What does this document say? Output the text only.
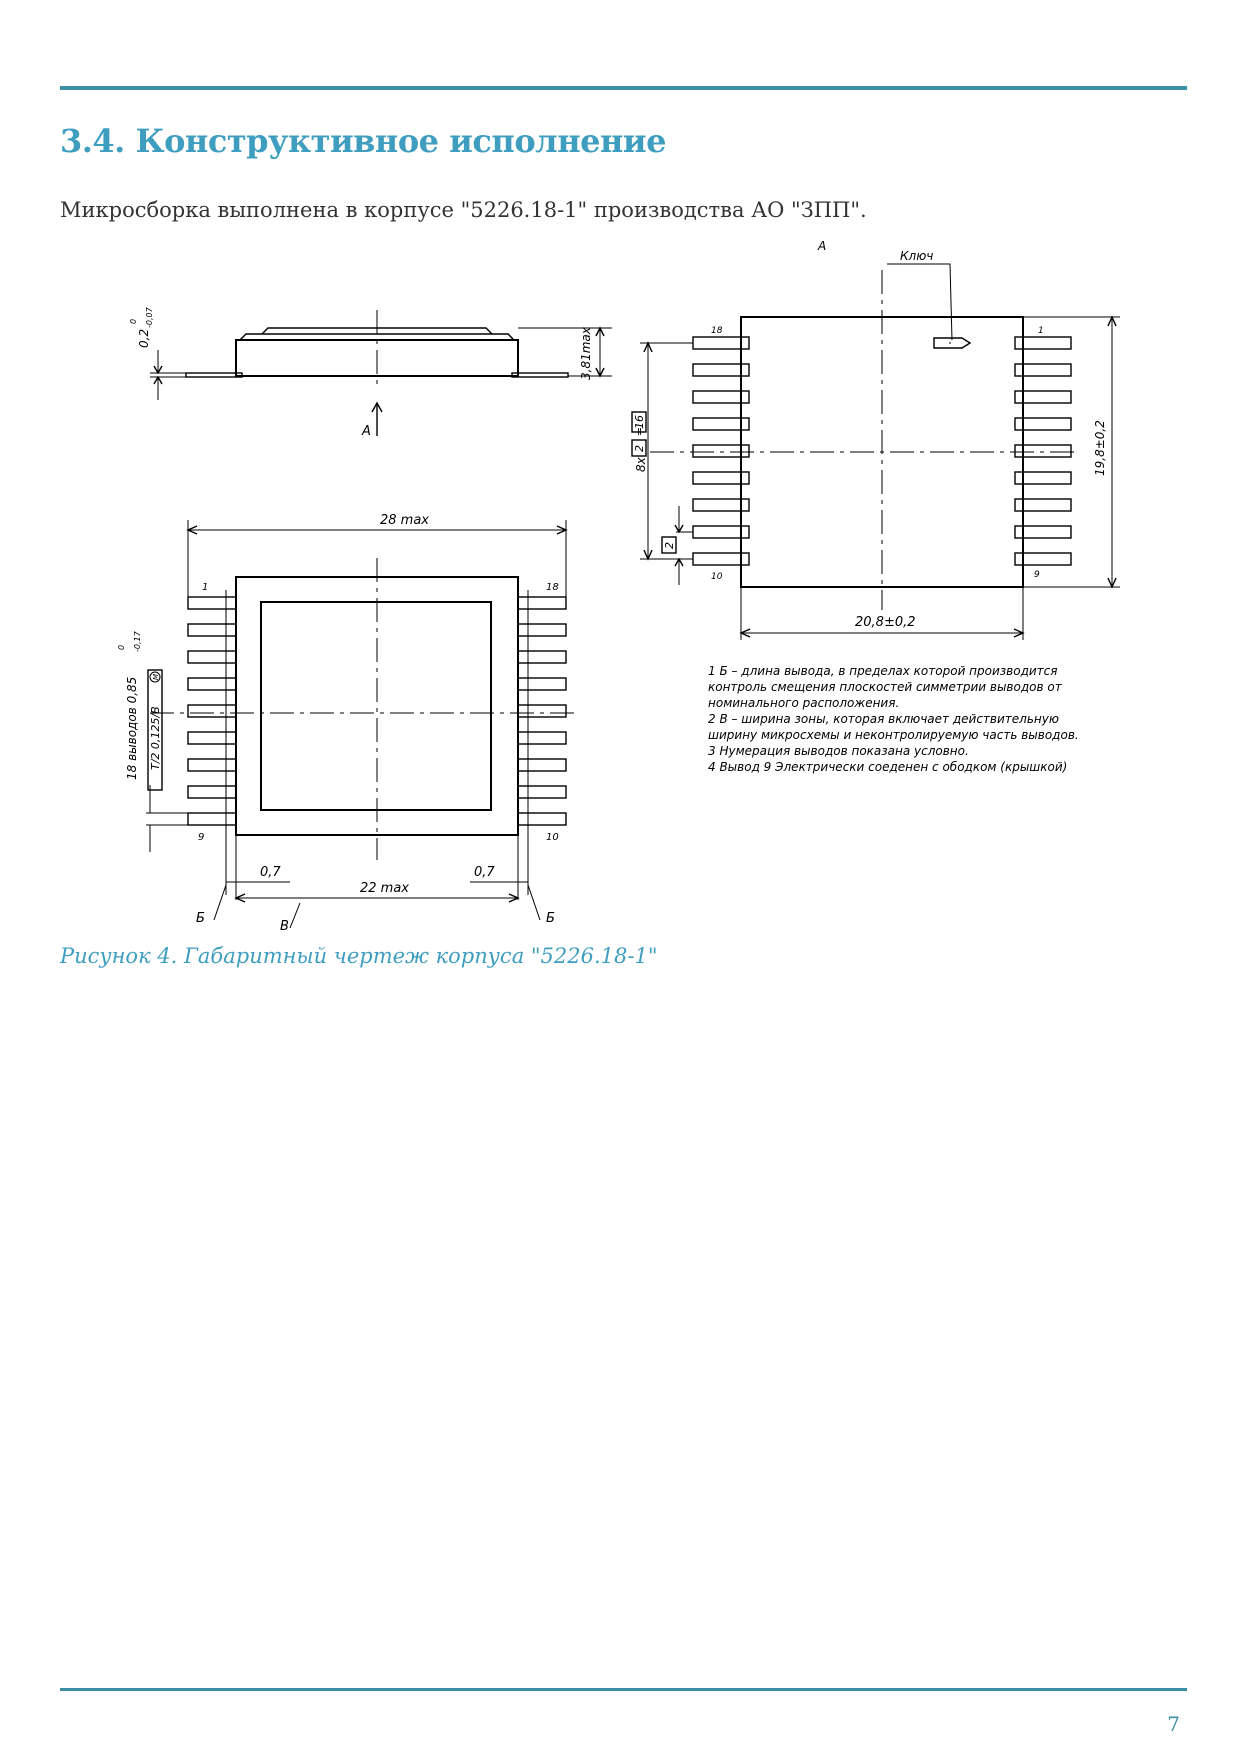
3.4. Конструктивное исполнение

Микросборка выполнена в корпусе "5226.18-1" производства АО "ЗПП".

А
0,2
0 -0,07
3,81max
28 max
0,7	0,7
22 max
Б
В
Б
1	18
9	10
18 выводов 0,85
0 -0,17
T/2 0,125/B
M
Ключ
А
18	1
10	9
19,8±0,2
20,8±0,2
8х
2
=
16
2
1 Б – длина вывода, в пределах которой производится
контроль смещения плоскостей симметрии выводов от
номинального расположения.
2 В – ширина зоны, которая включает действительную
ширину микросхемы и неконтролируемую часть выводов.
3 Нумерация выводов показана условно.
4 Вывод 9 Электрически соеденен с ободком (крышкой)

Рисунок 4. Габаритный чертеж корпуса "5226.18-1"

7
